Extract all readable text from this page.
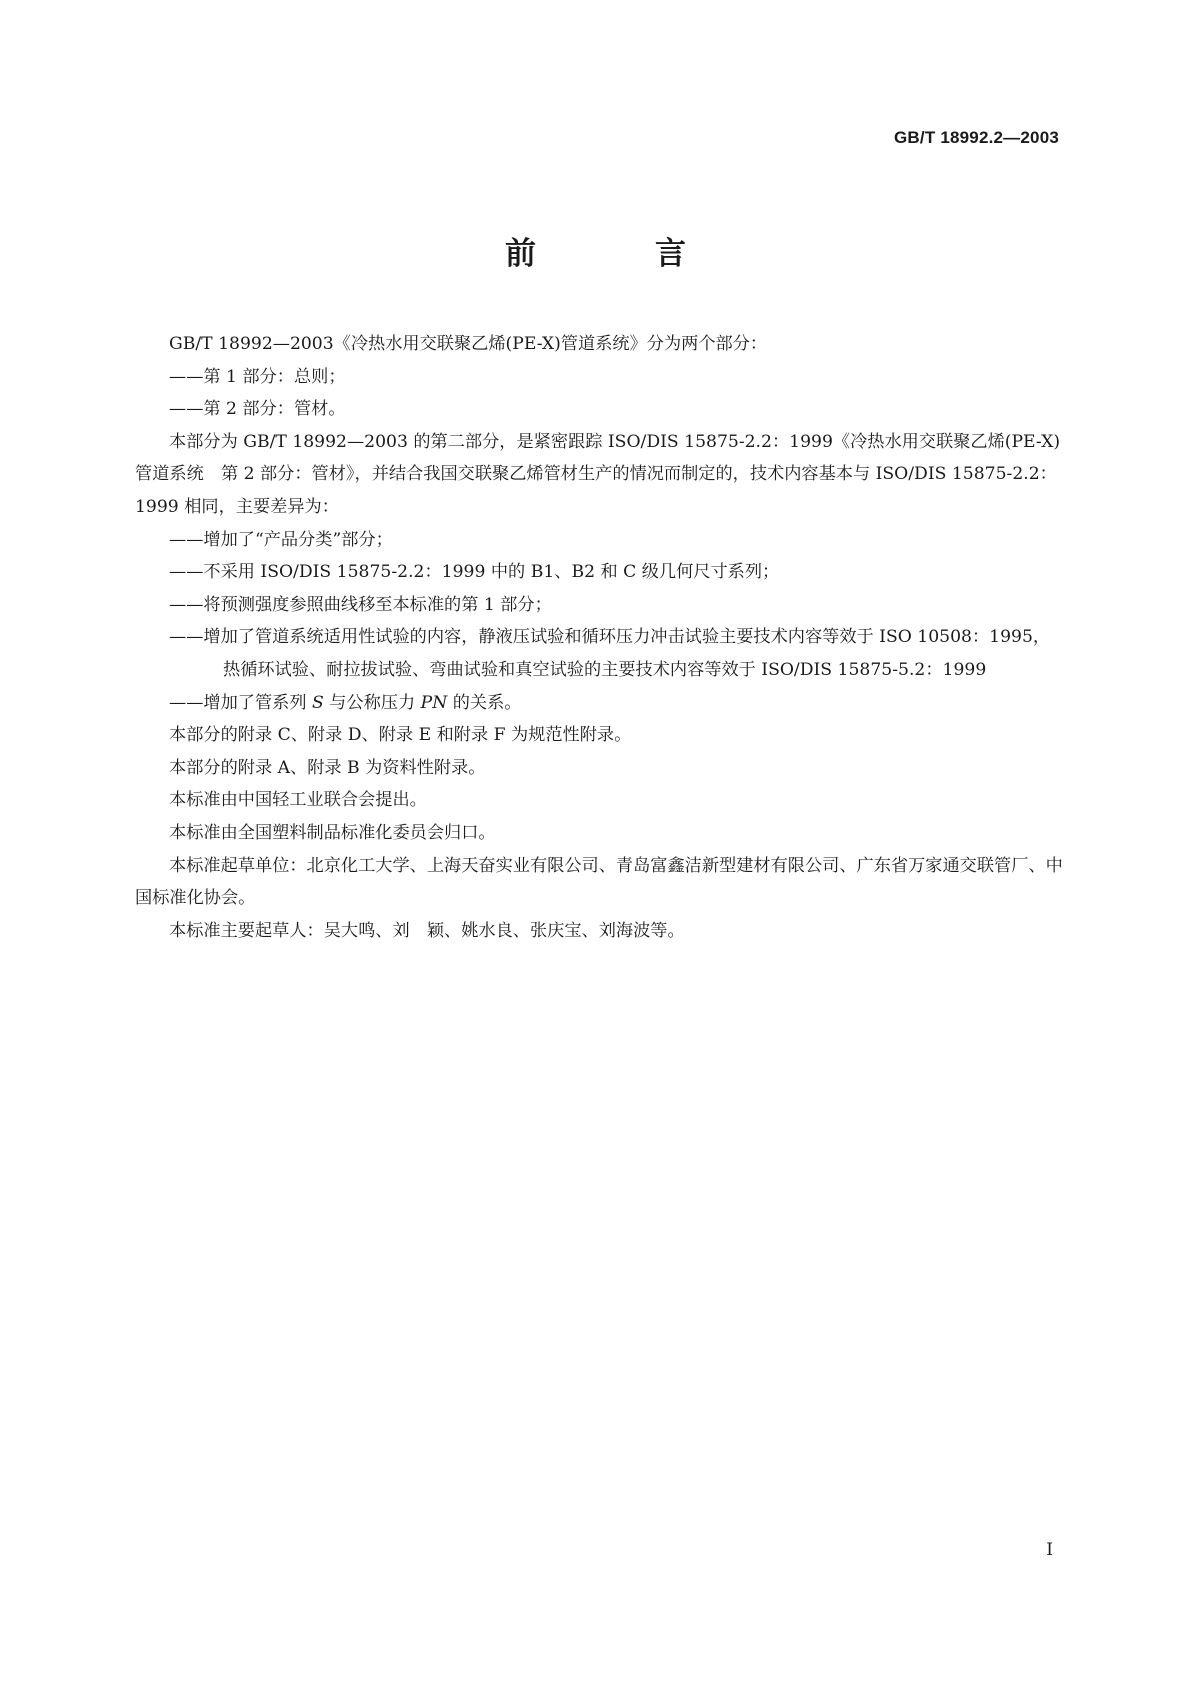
GB/T 18992.2—2003
前　言

GB/T 18992—2003《冷热水用交联聚乙烯(PE-X)管道系统》分为两个部分：

——第 1 部分：总则；

——第 2 部分：管材。

本部分为 GB/T 18992—2003 的第二部分，是紧密跟踪 ISO/DIS 15875-2.2：1999《冷热水用交联聚乙烯(PE-X)管道系统　第 2 部分：管材》，并结合我国交联聚乙烯管材生产的情况而制定的，技术内容基本与 ISO/DIS 15875-2.2：1999 相同，主要差异为：

——增加了“产品分类”部分；

——不采用 ISO/DIS 15875-2.2：1999 中的 B1、B2 和 C 级几何尺寸系列；

——将预测强度参照曲线移至本标准的第 1 部分；

——增加了管道系统适用性试验的内容，静液压试验和循环压力冲击试验主要技术内容等效于 ISO 10508：1995，热循环试验、耐拉拔试验、弯曲试验和真空试验的主要技术内容等效于 ISO/DIS 15875-5.2：1999

——增加了管系列 S 与公称压力 PN 的关系。

本部分的附录 C、附录 D、附录 E 和附录 F 为规范性附录。

本部分的附录 A、附录 B 为资料性附录。

本标准由中国轻工业联合会提出。

本标准由全国塑料制品标准化委员会归口。

本标准起草单位：北京化工大学、上海天奋实业有限公司、青岛富鑫洁新型建材有限公司、广东省万家通交联管厂、中国标准化协会。

本标准主要起草人：吴大鸣、刘　颖、姚水良、张庆宝、刘海波等。

I
